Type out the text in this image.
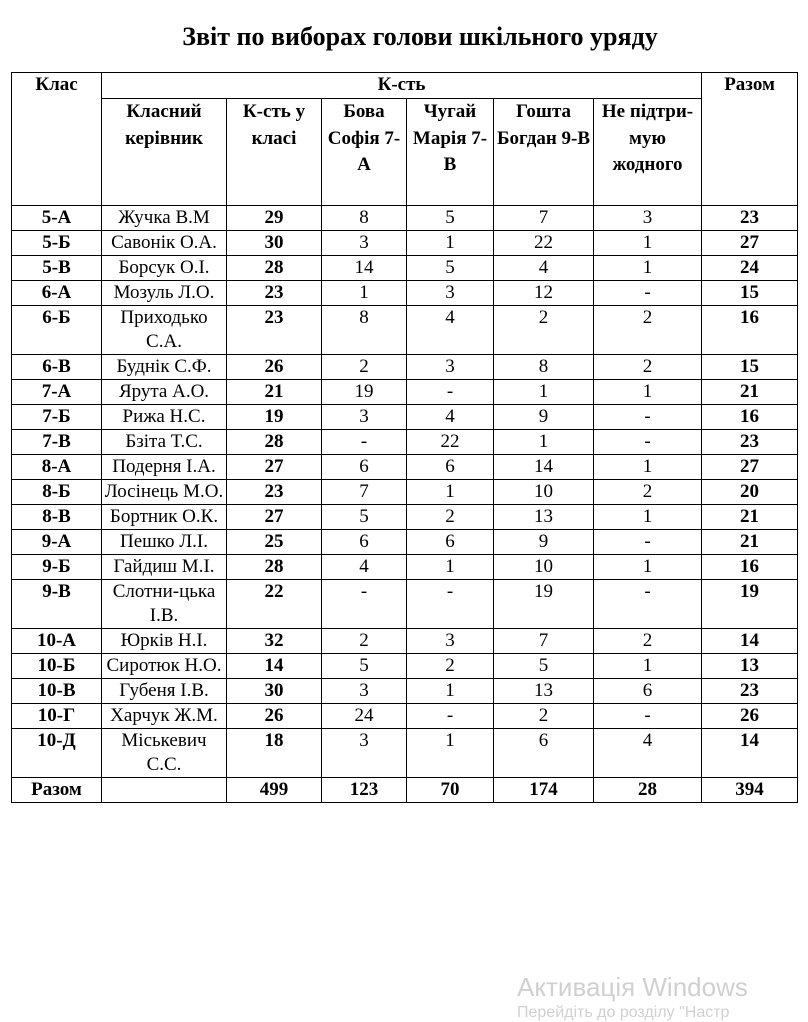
Звіт по виборах голови шкільного уряду
Клас	К-сть						Разом
	Класний керівник	К-сть у класі	Бова Софія 7-А	Чугай Марія 7-В	Гошта Богдан 9-В	Не підтри-мую жодного	
5-А	Жучка В.М	29	8	5	7	3	23
5-Б	Савонік О.А.	30	3	1	22	1	27
5-В	Борсук О.І.	28	14	5	4	1	24
6-А	Мозуль Л.О.	23	1	3	12	-	15
6-Б	Приходько С.А.	23	8	4	2	2	16
6-В	Буднік С.Ф.	26	2	3	8	2	15
7-А	Ярута А.О.	21	19	-	1	1	21
7-Б	Рижа Н.С.	19	3	4	9	-	16
7-В	Бзіта Т.С.	28	-	22	1	-	23
8-А	Подерня І.А.	27	6	6	14	1	27
8-Б	Лосінець М.О.	23	7	1	10	2	20
8-В	Бортник О.К.	27	5	2	13	1	21
9-А	Пешко Л.І.	25	6	6	9	-	21
9-Б	Гайдиш М.І.	28	4	1	10	1	16
9-В	Слотни-цька І.В.	22	-	-	19	-	19
10-А	Юрків Н.І.	32	2	3	7	2	14
10-Б	Сиротюк Н.О.	14	5	2	5	1	13
10-В	Губеня І.В.	30	3	1	13	6	23
10-Г	Харчук Ж.М.	26	24	-	2	-	26
10-Д	Міськевич С.С.	18	3	1	6	4	14
Разом		499	123	70	174	28	394
Активація Windows
Перейдіть до розділу "Настр
